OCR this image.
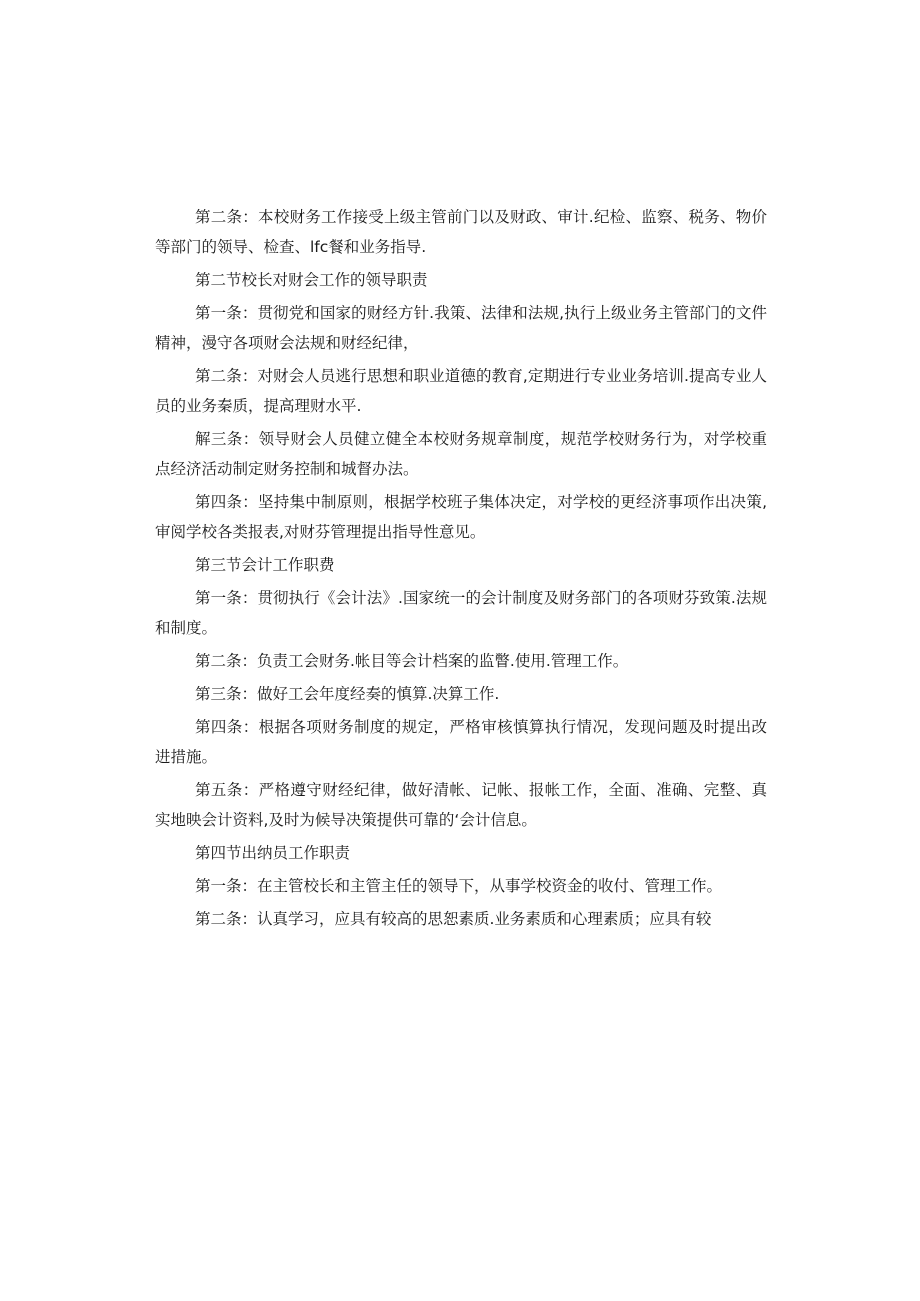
第二条：本校财务工作接受上级主管前门以及财政、审计.纪检、监察、税务、物价等部门的领导、检查、lfc餐和业务指导.

第二节校长对财会工作的领导职责

第一条：贯彻党和国家的财经方针.我策、法律和法规,执行上级业务主管部门的文件精神，漫守各项财会法规和财经纪律，

第二条：对财会人员逃行思想和职业道德的教育,定期进行专业业务培训.提高专业人员的业务秦质，提高理财水平.

解三条：领导财会人员健立健全本校财务规章制度，规范学校财务行为，对学校重点经济活动制定财务控制和城督办法。

第四条：坚持集中制原则，根据学校班子集体决定，对学校的更经济事项作出决策,审阅学校各类报表,对财芬管理提出指导性意见。

第三节会计工作职费

第一条：贯彻执行《会计法》.国家统一的会计制度及财务部门的各项财芬致策.法规和制度。

第二条：负责工会财务.帐目等会计档案的监瞥.使用.管理工作。

第三条：做好工会年度经奏的慎算.决算工作.

第四条：根据各项财务制度的规定，严格审核慎算执行情况，发现问题及时提出改进措施。

第五条：严格遵守财经纪律，做好清帐、记帐、报帐工作，全面、准确、完整、真实地映会计资料,及时为候导决策提供可靠的‘会计信息。

第四节出纳员工作职责

第一条：在主管校长和主管主任的领导下，从事学校资金的收付、管理工作。

第二条：认真学习，应具有较高的思恕素质.业务素质和心理素质；应具有较
